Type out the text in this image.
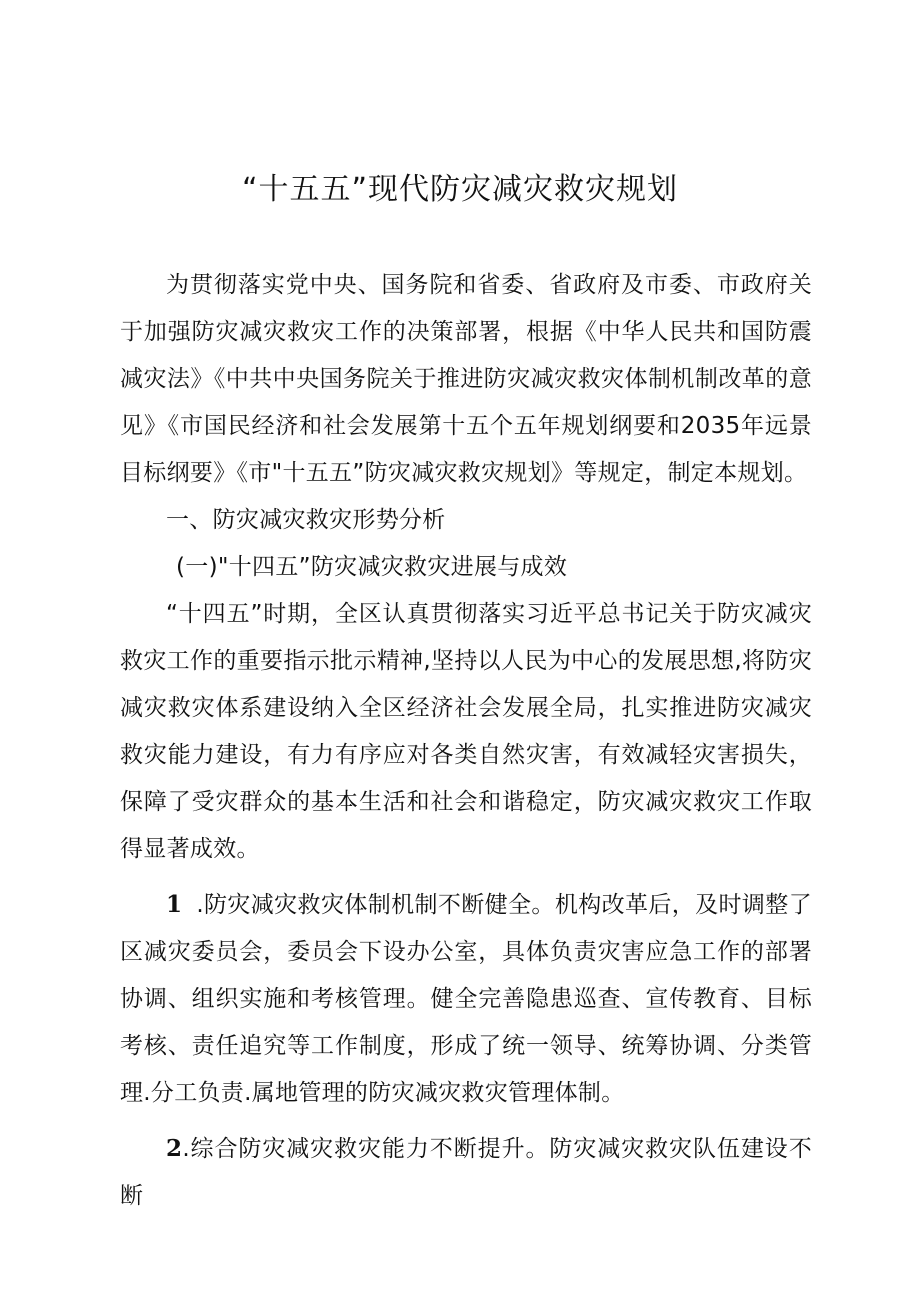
“十五五”现代防灾减灾救灾规划

为贯彻落实党中央、国务院和省委、省政府及市委、市政府关于加强防灾减灾救灾工作的决策部署，根据《中华人民共和国防震减灾法》《中共中央国务院关于推进防灾减灾救灾体制机制改革的意见》《市国民经济和社会发展第十五个五年规划纲要和2035年远景目标纲要》《市"十五五”防灾减灾救灾规划》等规定，制定本规划。

一、防灾减灾救灾形势分析

(一)"十四五”防灾减灾救灾进展与成效

“十四五”时期，全区认真贯彻落实习近平总书记关于防灾减灾救灾工作的重要指示批示精神,坚持以人民为中心的发展思想,将防灾减灾救灾体系建设纳入全区经济社会发展全局，扎实推进防灾减灾救灾能力建设，有力有序应对各类自然灾害，有效减轻灾害损失，保障了受灾群众的基本生活和社会和谐稳定，防灾减灾救灾工作取得显著成效。

1 .防灾减灾救灾体制机制不断健全。机构改革后，及时调整了区减灾委员会，委员会下设办公室，具体负责灾害应急工作的部署协调、组织实施和考核管理。健全完善隐患巡查、宣传教育、目标考核、责任追究等工作制度，形成了统一领导、统筹协调、分类管理.分工负责.属地管理的防灾减灾救灾管理体制。

2.综合防灾减灾救灾能力不断提升。防灾减灾救灾队伍建设不断
